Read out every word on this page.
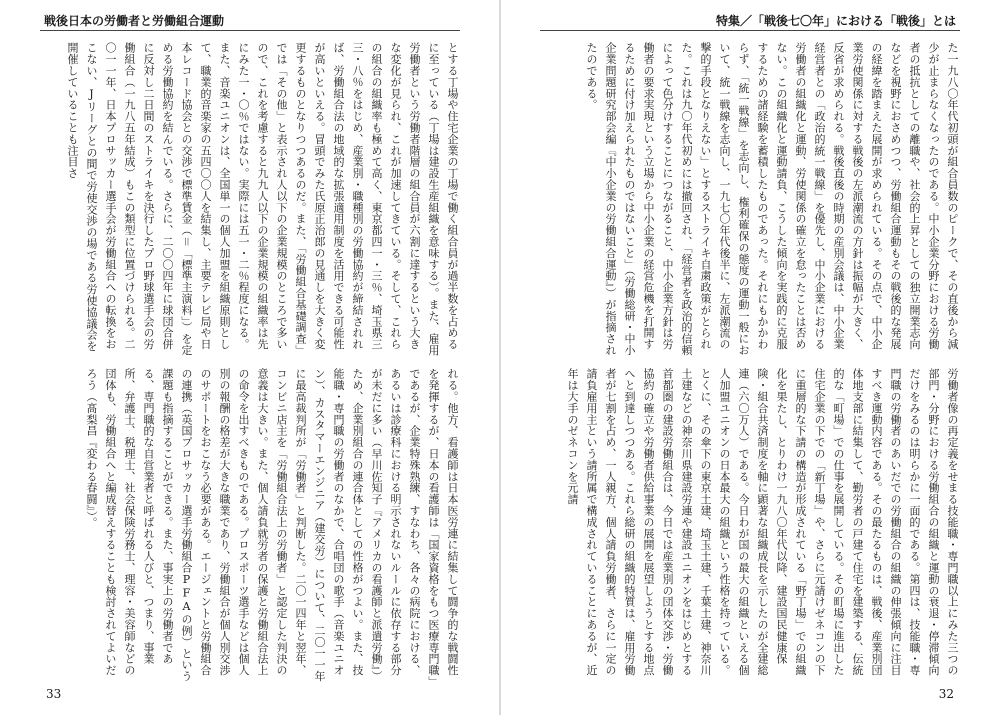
戦後日本の労働者と労働組合運動

とする丁場や住宅企業の丁場で働く組合員が過半数を占めるに至っている（丁場は建設生産組織を意味する）。また、雇用労働者という労働者階層の組合員が六割に達するという大きな変化が見られ、これが加速してきている。そして、これらの組合の組織率も極めて高く、東京都四一・三％、埼玉県三三・八％をはじめ、産業別・職種別の労働協約が締結されれば、労働組合法の地域的な拡張適用制度を活用できる可能性が高いといえる。冒頭でみた氏原正治郎の見通しを大きく変更するものとなりつつあるのだ。また、「労働組合基礎調査」では「その他」と表示され人以下の企業規模のところで多いので、これを考慮すると九九人以下の企業規模の組織率は先にみた一・〇％ではない。実際には五一・二％程度になる。また、音楽ユニオンは、全国単一の個人加盟を組織原則として、職業的音楽家の五四〇〇人を結集し、主要テレビ局や日本レコード協会との交渉で標準賃金（＝「標準主演料」）を定める労働協約を結んでいる。さらに、二〇〇四年に球団合併に反対し二日間のストライキを決行したプロ野球選手会の労働組合（一九八五年結成）もこの類型に位置づけられる。二〇一一年、日本プロサッカー選手会が労働組合への転換をおこない、Jリーグとの間で労使交渉の場である労使協議会を開催していることも注目さ

れる。他方、看護師は日本医労連に結集して闘争的な戦闘性を発揮するが、日本の看護師は「国家資格をもつ医療専門職」であるが、企業特殊熟練、すなわち、各々の病院における、あるいは診療科における明示されないルールに依存する部分が未だに多い（早川佐知子『アメリカの看護師と派遣労働』）ため、企業別組合の連合体としての性格がつよい。また、技能職・専門職の労働者のなかで、合唱団の歌手（音楽ユニオン）、カスタマーエンジニア（建交労）について、二〇一一年に最高裁判所が「労働者」と判断した。二〇一四年と翌年、コンビニ店主を「労働組合法上の労働者」と認定した判決の意義は大きい。また、個人請負就労者の保護と労働組合法上の命令を出すべきものである。プロスポーツ選手などは個人別の報酬の格差が大きな職業であり、労働組合が個人別交渉のサポートをおこなう必要がある。エージェントと労働組合の連携（英国プロサッカー選手労働組合PFAの例）という課題も指摘することができる。また、事実上の労働者である、専門職的な自営業者と呼ばれる人びと、つまり、事業所、弁護士、税理士、社会保険労務士、理容・美容師などの団体も、労働組合へと編成替えすることも検討されてよいだろう（髙梨昌『変わる春闘』）。

33
特集／「戦後七〇年」における「戦後」とは

た一九八〇年代初頭が組合員数のピークで、その直後から減少が止まらなくなったのである。中小企業分野における労働者の抵抗としての離職や、社会的上昇としての独立開業志向などを視野におさめつつ、労働組合運動もその戦後的な発展の経緯を踏まえた展開が求められている。その点で、中小企業労使関係に対する戦後の左派潮流の方針は振幅が大きく、反省が求められる。戦後直後の時期の産別会議は、中小企業経営者との「政治的統一戦線」を優先し、中小企業における労働者の組織化と運動、労使関係の確立を怠ったことは否めない。この組織化と運動請負、こうした傾向を実践的に克服するための諸経験を蓄積したものであった。それにもかかわらず、「統一戦線」を志向し、権利確保の態度の運動一般において、統一戦線を志向し、一九七〇年代後半に、左派潮流の撃的手段となりえない」とするストライキ自粛政策がとられた。これは九〇年代初めには撤回され、「経営者を政治的信頼によって色分けすることにつながること、中小企業方針は労働者の要求実現という立場から中小企業の経営危機を打開するために付け加えられたものではないこと」（労働総研・中小企業問題研究部会編『中小企業の労働組合運動』）が指摘されたのである。

労働者像の再定義をせまる技能職・専門職以上にみた三つの部門・分野における労働組合の組織と運動の衰退・停滞傾向だけをみるのは明らかに一面的である。第四は、技能職・専門職の労働者のあいだでの労働組合の組織の伸張傾向に注目すべき運動内容である。その最たるものは、戦後、産業別団体地支部に結集して、勤労者の戸建て住宅を建築する、伝統的な「町場」での仕事を展開している。その町場に進出した住宅企業の下での「新丁場」や、さらに元請けゼネコンの下に重層的な下請の構造が形成されている「野丁場」での組織化を果たし、とりわけ一九八〇年代以降、建設国民健康保険・組合共済制度を軸に顕著な組織成長を示したのが全建総連（六〇万人）である。今日わが国の最大の組織といえる個人加盟ユニオンの日本最大の組織という性格を持っている。とくに、その傘下の東京土建、埼玉土建、千葉土建、神奈川土建などの神奈川県建設労連や建設ユニオンをはじめとする首都圏の建設労働組合は、今日では産業別の団体交渉・労働協約の確立や労働者供給事業の展開を展望しようとする地点へと到達しつつある。これら総研の組織的特質は、雇用労働者が七割を占め、一人親方、個人請負労働者、さらに一定の請負雇用主という請所属で構成されていることにあるが、近年は大手のゼネコンを元請

32
